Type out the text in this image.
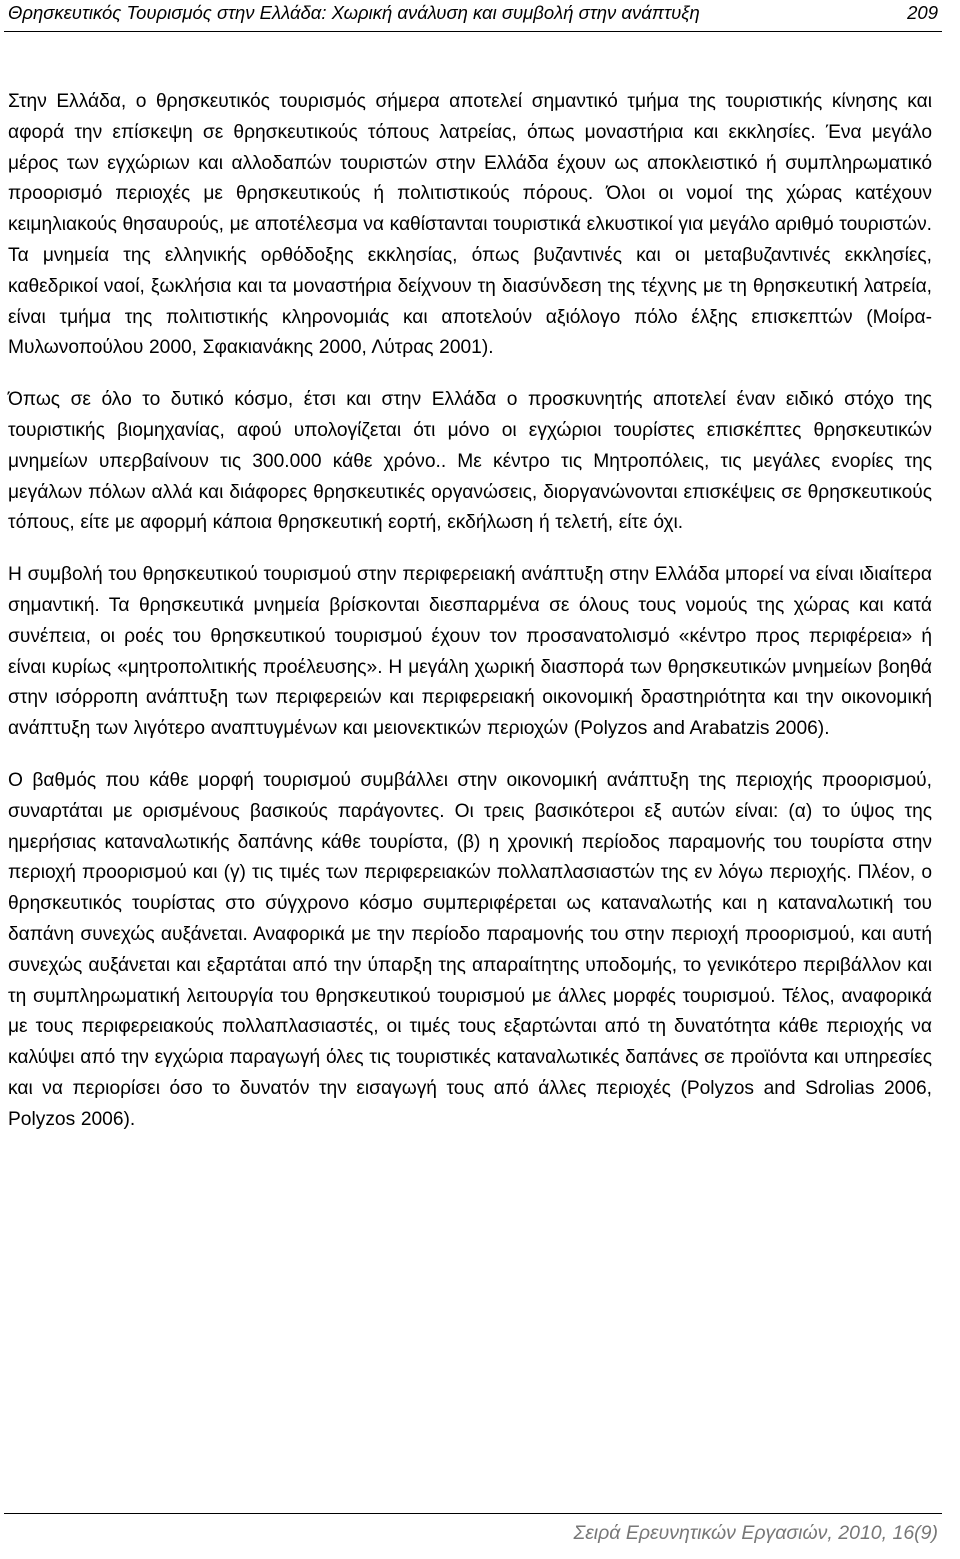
Θρησκευτικός Τουρισμός στην Ελλάδα: Χωρική ανάλυση και συμβολή στην ανάπτυξη	209

Στην Ελλάδα, ο θρησκευτικός τουρισμός σήμερα αποτελεί σημαντικό τμήμα της τουριστικής κίνησης και αφορά την επίσκεψη σε θρησκευτικούς τόπους λατρείας, όπως μοναστήρια και εκκλησίες. Ένα μεγάλο μέρος των εγχώριων και αλλοδαπών τουριστών στην Ελλάδα έχουν ως αποκλειστικό ή συμπληρωματικό προορισμό περιοχές με θρησκευτικούς ή πολιτιστικούς πόρους. Όλοι οι νομοί της χώρας κατέχουν κειμηλιακούς θησαυρούς, με αποτέλεσμα να καθίστανται τουριστικά ελκυστικοί για μεγάλο αριθμό τουριστών. Τα μνημεία της ελληνικής ορθόδοξης εκκλησίας, όπως βυζαντινές και οι μεταβυζαντινές εκκλησίες, καθεδρικοί ναοί, ξωκλήσια και τα μοναστήρια δείχνουν τη διασύνδεση της τέχνης με τη θρησκευτική λατρεία, είναι τμήμα της πολιτιστικής κληρονομιάς και αποτελούν αξιόλογο πόλο έλξης επισκεπτών (Μοίρα-Μυλωνοπούλου 2000, Σφακιανάκης 2000, Λύτρας 2001).

Όπως σε όλο το δυτικό κόσμο, έτσι και στην Ελλάδα ο προσκυνητής αποτελεί έναν ειδικό στόχο της τουριστικής βιομηχανίας, αφού υπολογίζεται ότι μόνο οι εγχώριοι τουρίστες επισκέπτες θρησκευτικών μνημείων υπερβαίνουν τις 300.000 κάθε χρόνο.. Με κέντρο τις Μητροπόλεις, τις μεγάλες ενορίες της μεγάλων πόλων αλλά και διάφορες θρησκευτικές οργανώσεις, διοργανώνονται επισκέψεις σε θρησκευτικούς τόπους, είτε με αφορμή κάποια θρησκευτική εορτή, εκδήλωση ή τελετή, είτε όχι.

Η συμβολή του θρησκευτικού τουρισμού στην περιφερειακή ανάπτυξη στην Ελλάδα μπορεί να είναι ιδιαίτερα σημαντική. Τα θρησκευτικά μνημεία βρίσκονται διεσπαρμένα σε όλους τους νομούς της χώρας και κατά συνέπεια, οι ροές του θρησκευτικού τουρισμού έχουν τον προσανατολισμό «κέντρο προς περιφέρεια» ή είναι κυρίως «μητροπολιτικής προέλευσης». Η μεγάλη χωρική διασπορά των θρησκευτικών μνημείων βοηθά στην ισόρροπη ανάπτυξη των περιφερειών και περιφερειακή οικονομική δραστηριότητα και την οικονομική ανάπτυξη των λιγότερο αναπτυγμένων και μειονεκτικών περιοχών (Polyzos and Arabatzis 2006).

Ο βαθμός που κάθε μορφή τουρισμού συμβάλλει στην οικονομική ανάπτυξη της περιοχής προορισμού, συναρτάται με ορισμένους βασικούς παράγοντες. Οι τρεις βασικότεροι εξ αυτών είναι: (α) το ύψος της ημερήσιας καταναλωτικής δαπάνης κάθε τουρίστα, (β) η χρονική περίοδος παραμονής του τουρίστα στην περιοχή προορισμού και (γ) τις τιμές των περιφερειακών πολλαπλασιαστών της εν λόγω περιοχής. Πλέον, ο θρησκευτικός τουρίστας στο σύγχρονο κόσμο συμπεριφέρεται ως καταναλωτής και η καταναλωτική του δαπάνη συνεχώς αυξάνεται. Αναφορικά με την περίοδο παραμονής του στην περιοχή προορισμού, και αυτή συνεχώς αυξάνεται και εξαρτάται από την ύπαρξη της απαραίτητης υποδομής, το γενικότερο περιβάλλον και τη συμπληρωματική λειτουργία του θρησκευτικού τουρισμού με άλλες μορφές τουρισμού. Τέλος, αναφορικά με τους περιφερειακούς πολλαπλασιαστές, οι τιμές τους εξαρτώνται από τη δυνατότητα κάθε περιοχής να καλύψει από την εγχώρια παραγωγή όλες τις τουριστικές καταναλωτικές δαπάνες σε προϊόντα και υπηρεσίες και να περιορίσει όσο το δυνατόν την εισαγωγή τους από άλλες περιοχές (Polyzos and Sdrolias 2006, Polyzos 2006).

Σειρά Ερευνητικών Εργασιών, 2010, 16(9)
